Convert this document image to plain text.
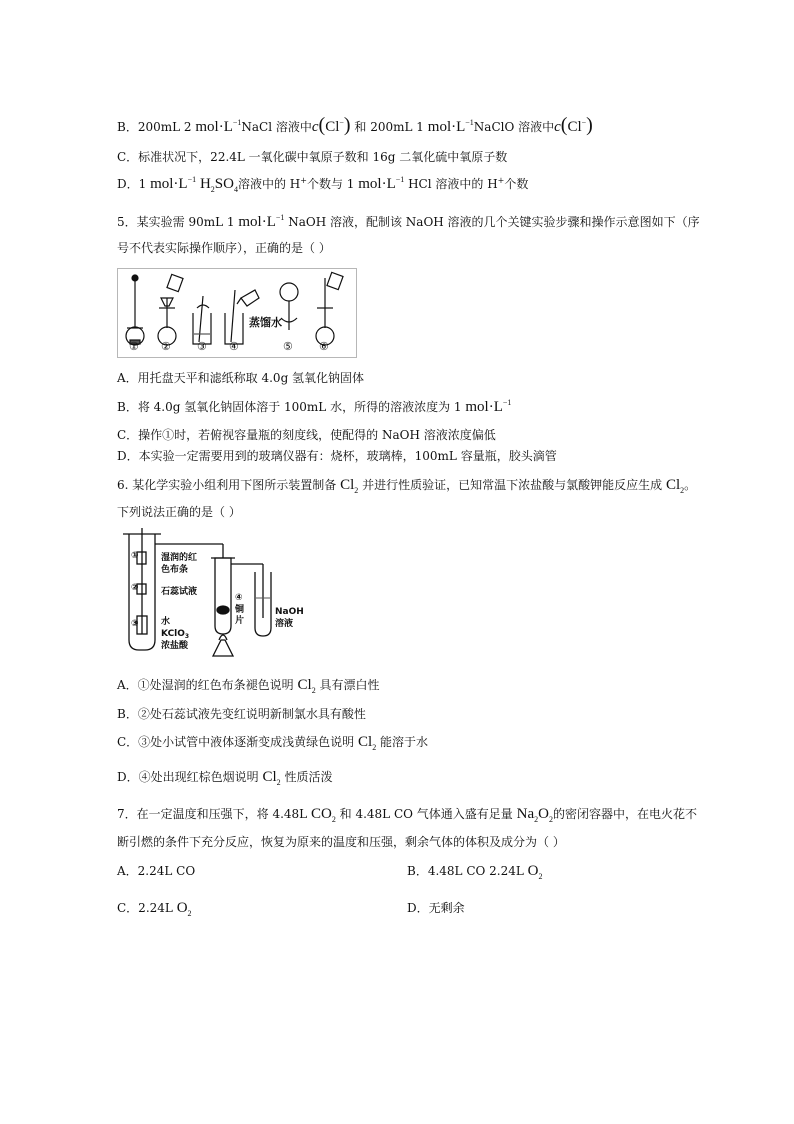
B．200mL 2 $mol\cdot L^{-1}NaCl$ 溶液中c(Cl−) 和 200mL 1 $mol\cdot L^{-1}NaClO$ 溶液中c(Cl−)
C．标准状况下，22.4L 一氧化碳中氧原子数和 16g 二氧化硫中氧原子数
D．1 $mol\cdot L^{-1}$ $H_2SO_4$溶液中的 H+个数与 1 $mol\cdot L^{-1}$ HCl 溶液中的 H+个数
5．某实验需 90mL 1 $mol\cdot L^{-1}$ NaOH 溶液，配制该 NaOH 溶液的几个关键实验步骤和操作示意图如下（序
号不代表实际操作顺序），正确的是（ ）
蒸馏水
① ② ③ ④	⑤ ⑥
A．用托盘天平和滤纸称取 4.0g 氢氧化钠固体
B．将 4.0g 氢氧化钠固体溶于 100mL 水，所得的溶液浓度为 1 $mol\cdot L^{-1}$
C．操作①时，若俯视容量瓶的刻度线，使配得的 NaOH 溶液浓度偏低
D．本实验一定需要用到的玻璃仪器有：烧杯，玻璃棒，100mL 容量瓶，胶头滴管
6. 某化学实验小组利用下图所示装置制备 $Cl_2$ 并进行性质验证，已知常温下浓盐酸与氯酸钾能反应生成 $Cl_2$。
下列说法正确的是（ ）
①
②
③
④
湿润的红
色布条
石蕊试液
水
KClO$_3$
浓盐酸
铜
片
NaOH
溶液
A．①处湿润的红色布条褪色说明 $Cl_2$ 具有漂白性
B．②处石蕊试液先变红说明新制氯水具有酸性
C．③处小试管中液体逐渐变成浅黄绿色说明 $Cl_2$ 能溶于水
D．④处出现红棕色烟说明 $Cl_2$ 性质活泼
7．在一定温度和压强下，将 4.48L $CO_2$ 和 4.48L CO 气体通入盛有足量 $Na_2O_2$的密闭容器中，在电火花不
断引燃的条件下充分反应，恢复为原来的温度和压强，剩余气体的体积及成分为（ ）
A．2.24L CO	B．4.48L CO 2.24L $O_2$
C．2.24L $O_2$	D．无剩余
